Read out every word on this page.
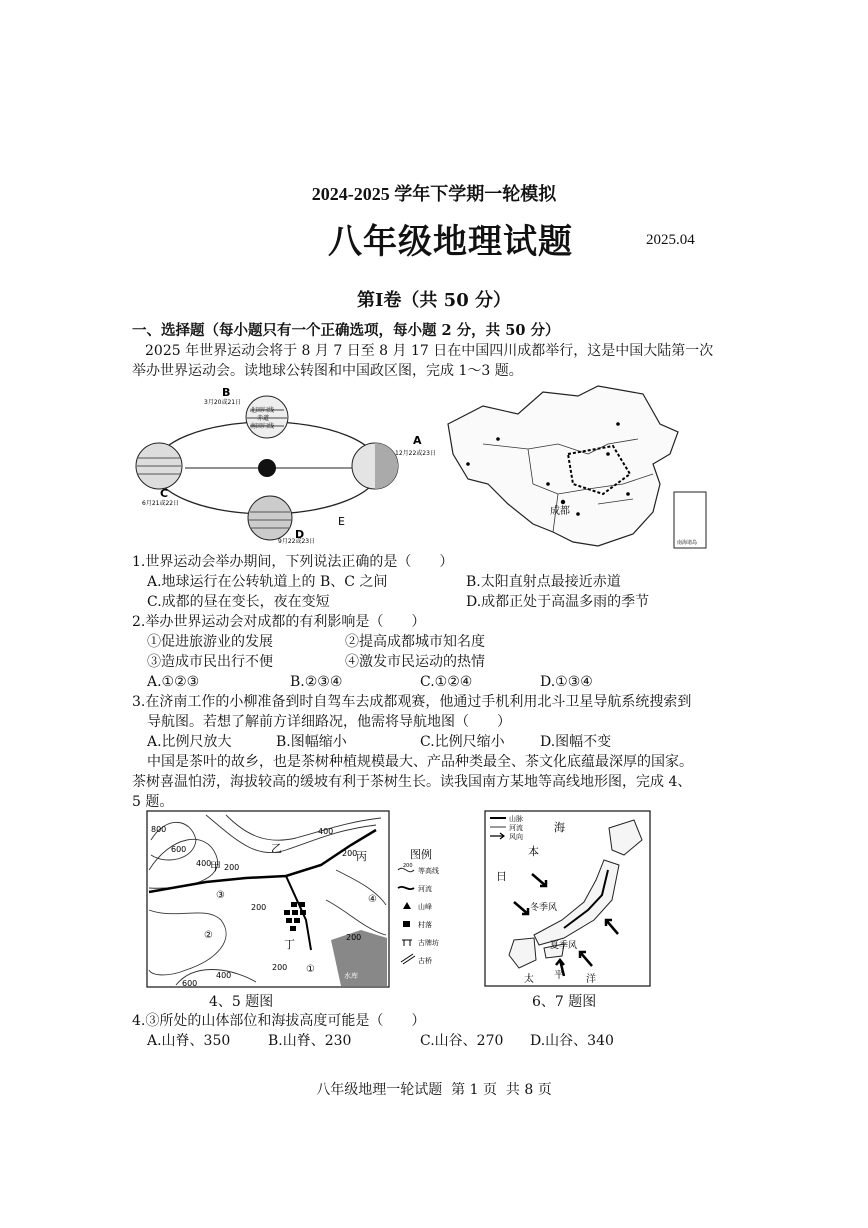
2024-2025 学年下学期一轮模拟
八年级地理试题	2025.04
第Ⅰ卷（共 50 分）
一、选择题（每小题只有一个正确选项，每小题 2 分，共 50 分）
2025 年世界运动会将于 8 月 7 日至 8 月 17 日在中国四川成都举行，这是中国大陆第一次
举办世界运动会。读地球公转图和中国政区图，完成 1～3 题。
北回归线
赤道
南回归线
B
3月20或21日
A
12月22或23日
C
6月21或22日
D
9月22或23日
E
成都
南海诸岛
1.世界运动会举办期间，下列说法正确的是（　　）
A.地球运行在公转轨道上的 B、C 之间	B.太阳直射点最接近赤道
C.成都的昼在变长，夜在变短	D.成都正处于高温多雨的季节
2.举办世界运动会对成都的有利影响是（　　）
①促进旅游业的发展	②提高成都城市知名度
③造成市民出行不便	④激发市民运动的热情
A.①②③	B.②③④	C.①②④	D.①③④
3.在济南工作的小柳准备到时自驾车去成都观赛，他通过手机利用北斗卫星导航系统搜索到
导航图。若想了解前方详细路况，他需将导航地图（　　）
A.比例尺放大	B.图幅缩小	C.比例尺缩小	D.图幅不变
中国是茶叶的故乡，也是茶树种植规模最大、产品种类最全、茶文化底蕴最深厚的国家。
茶树喜温怕涝，海拔较高的缓坡有利于茶树生长。读我国南方某地等高线地形图，完成 4、
5 题。
800
600
400
400
200
200
200
200
400
600
200
甲
乙
丙
丁
①
②
③	④
水库
图例
200
等高线
河流
山峰
村落
古牌坊
古桥
4、5 题图
山脉
河流
风向
海
本
日
冬季风
夏季风
太 平 洋
6、7 题图
4.③所处的山体部位和海拔高度可能是（　　）
A.山脊、350	B.山脊、230	C.山谷、270 D.山谷、340
八年级地理一轮试题  第 1 页  共 8 页
